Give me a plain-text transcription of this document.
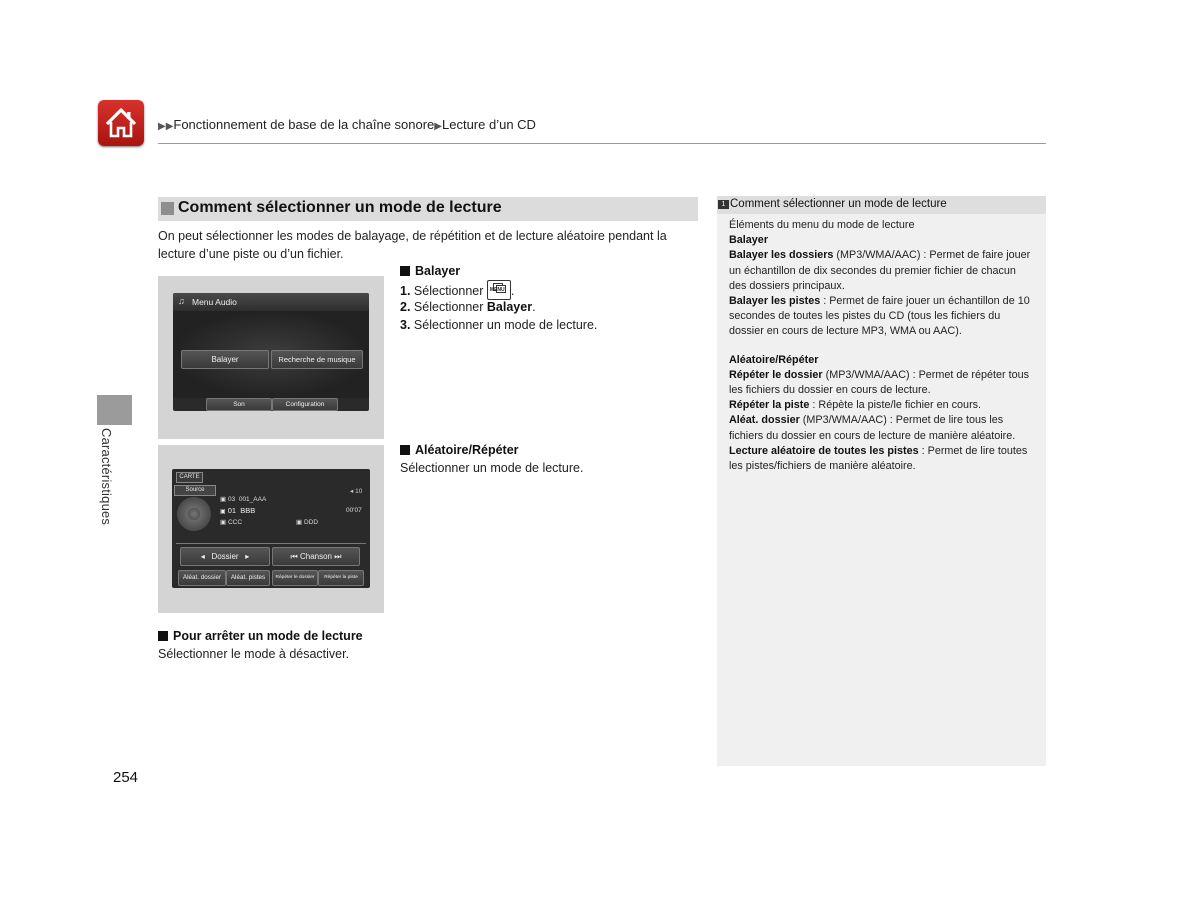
▶▶Fonctionnement de base de la chaîne sonore▶Lecture d’un CD
Caractéristiques
Comment sélectionner un mode de lecture
On peut sélectionner les modes de balayage, de répétition et de lecture aléatoire pendant la lecture d’une piste ou d’un fichier.
♫ Menu Audio
Balayer	Recherche de musique
Son	Configuration
Balayer
1. Sélectionner MENU .
2. Sélectionner Balayer.
3. Sélectionner un mode de lecture.
CARTE
Source	◂ 10
▣ 03 001_AAA
▣ 01 BBB	00'07
▣ CCC	▣ DDD
◂ Dossier ▸	⏮ Chanson ⏭
Aléat. dossier	Aléat. pistes	Répéter le dossier	Répéter la piste
Aléatoire/Répéter
Sélectionner un mode de lecture.
Pour arrêter un mode de lecture
Sélectionner le mode à désactiver.
1 Comment sélectionner un mode de lecture

Éléments du menu du mode de lecture

Balayer

Balayer les dossiers (MP3/WMA/AAC) : Permet de faire jouer un échantillon de dix secondes du premier fichier de chacun des dossiers principaux.

Balayer les pistes : Permet de faire jouer un échantillon de 10 secondes de toutes les pistes du CD (tous les fichiers du dossier en cours de lecture MP3, WMA ou AAC).

Aléatoire/Répéter

Répéter le dossier (MP3/WMA/AAC) : Permet de répéter tous les fichiers du dossier en cours de lecture.

Répéter la piste : Répète la piste/le fichier en cours.

Aléat. dossier (MP3/WMA/AAC) : Permet de lire tous les fichiers du dossier en cours de lecture de manière aléatoire.

Lecture aléatoire de toutes les pistes : Permet de lire toutes les pistes/fichiers de manière aléatoire.

254
